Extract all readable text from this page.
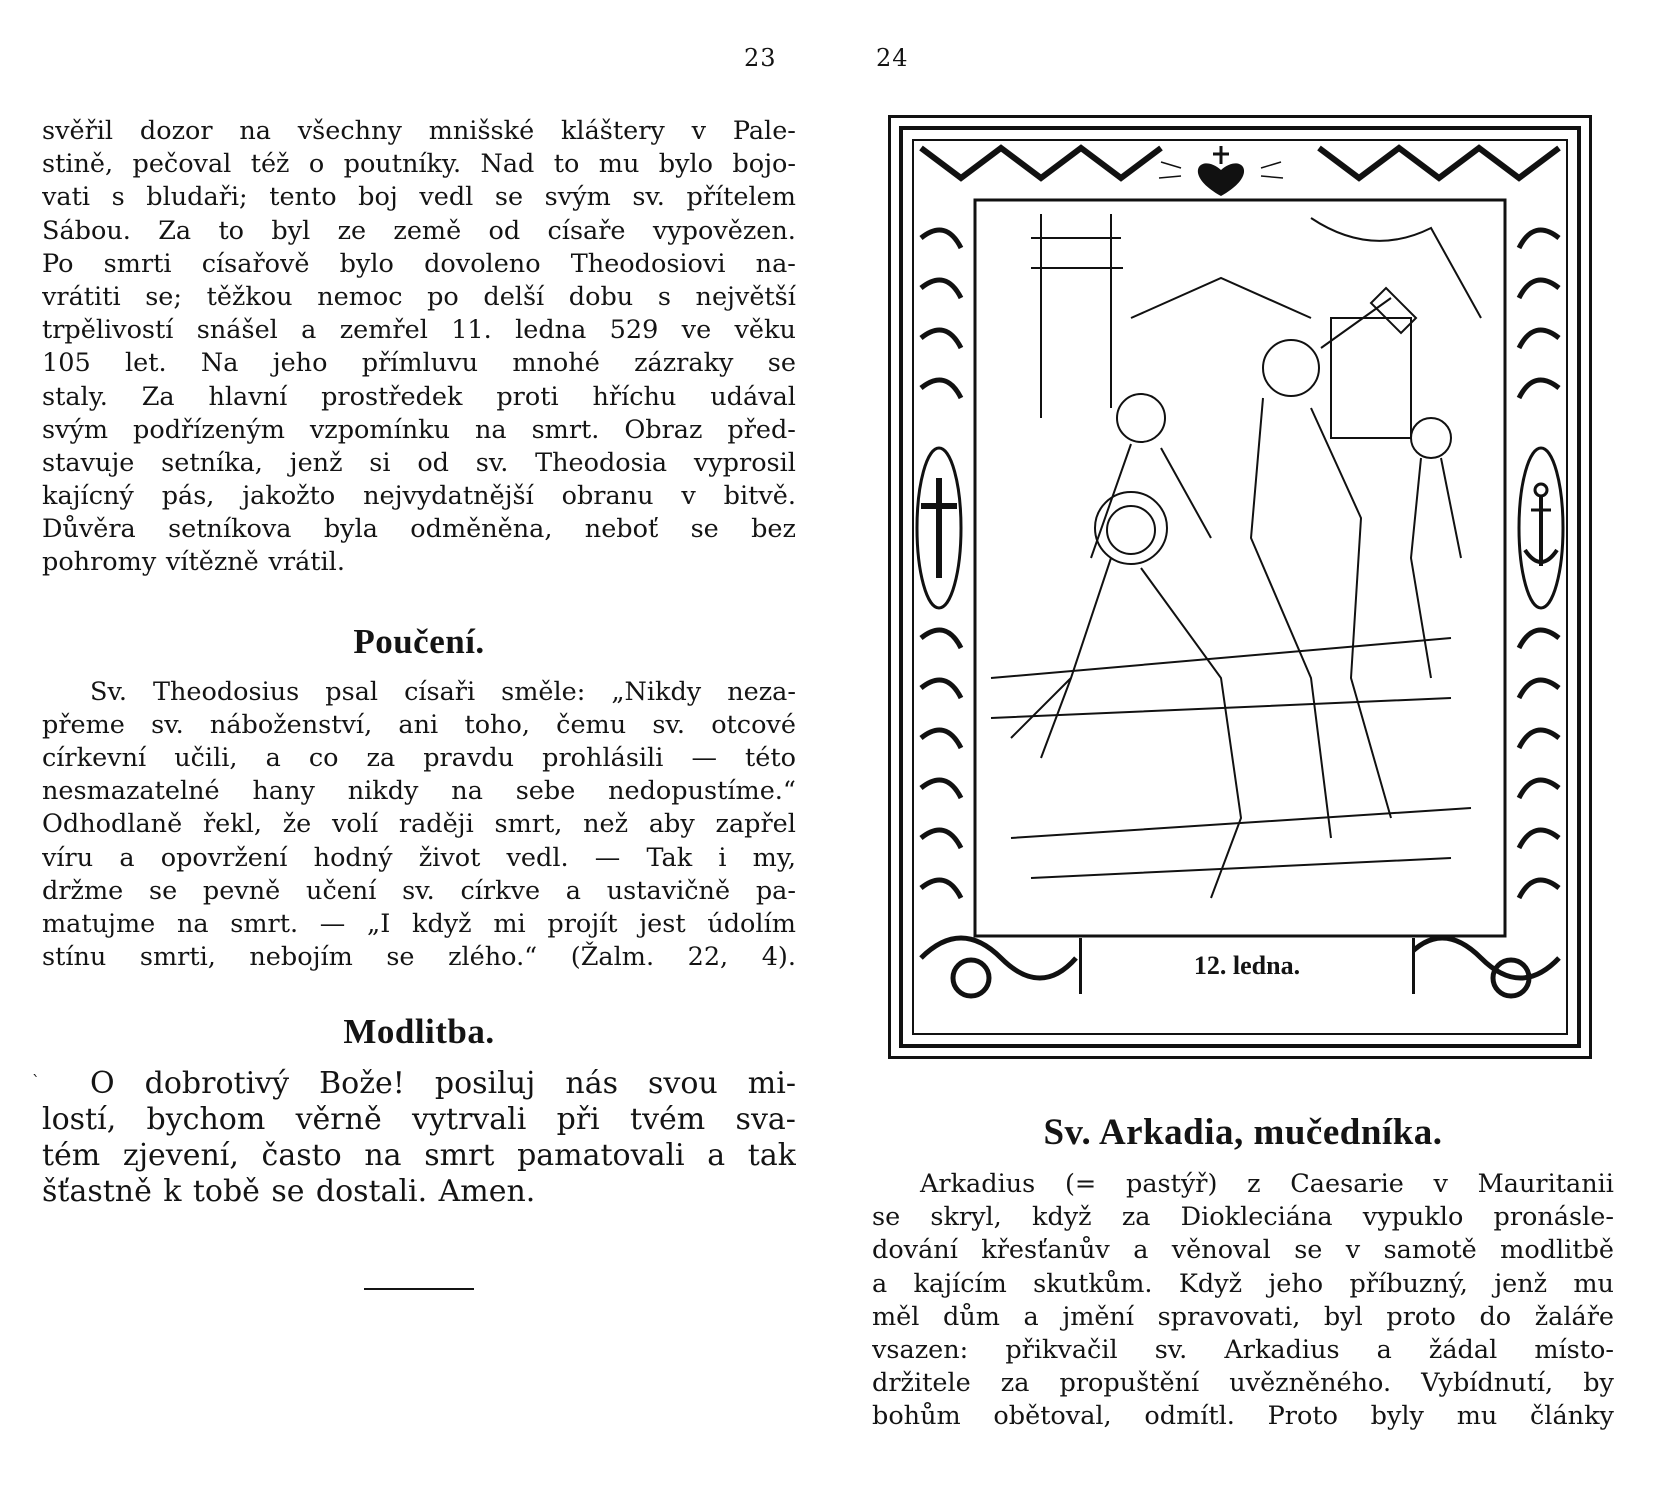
23	24
svěřil dozor na všechny mnišské kláštery v Pale-
stině, pečoval též o poutníky. Nad to mu bylo bojo-
vati s bludaři; tento boj vedl se svým sv. přítelem
Sábou. Za to byl ze země od císaře vypovězen.
Po smrti císařově bylo dovoleno Theodosiovi na-
vrátiti se; těžkou nemoc po delší dobu s největší
trpělivostí snášel a zemřel 11. ledna 529 ve věku
105 let. Na jeho přímluvu mnohé zázraky se
staly. Za hlavní prostředek proti hříchu udával
svým podřízeným vzpomínku na smrt. Obraz před-
stavuje setníka, jenž si od sv. Theodosia vyprosil
kajícný pás, jakožto nejvydatnější obranu v bitvě.
Důvěra setníkova byla odměněna, neboť se bez
pohromy vítězně vrátil.
Poučení.
Sv. Theodosius psal císaři směle: „Nikdy neza-
přeme sv. náboženství, ani toho, čemu sv. otcové
církevní učili, a co za pravdu prohlásili — této
nesmazatelné hany nikdy na sebe nedopustíme.“
Odhodlaně řekl, že volí raději smrt, než aby zapřel
víru a opovržení hodný život vedl. — Tak i my,
držme se pevně učení sv. církve a ustavičně pa-
matujme na smrt. — „I když mi projít jest údolím
stínu smrti, nebojím se zlého.“ (Žalm. 22, 4).
Modlitba.
ˋ O dobrotivý Bože! posiluj nás svou mi-
lostí, bychom věrně vytrvali při tvém sva-
tém zjevení, často na smrt pamatovali a tak
šťastně k tobě se dostali. Amen.
12. ledna.
Sv. Arkadia, mučedníka.
Arkadius (= pastýř) z Caesarie v Mauritanii
se skryl, když za Diokleciána vypuklo pronásle-
dování křesťanův a věnoval se v samotě modlitbě
a kajícím skutkům. Když jeho příbuzný, jenž mu
měl dům a jmění spravovati, byl proto do žaláře
vsazen: přikvačil sv. Arkadius a žádal místo-
držitele za propuštění uvězněného. Vybídnutí, by
bohům obětoval, odmítl. Proto byly mu články
